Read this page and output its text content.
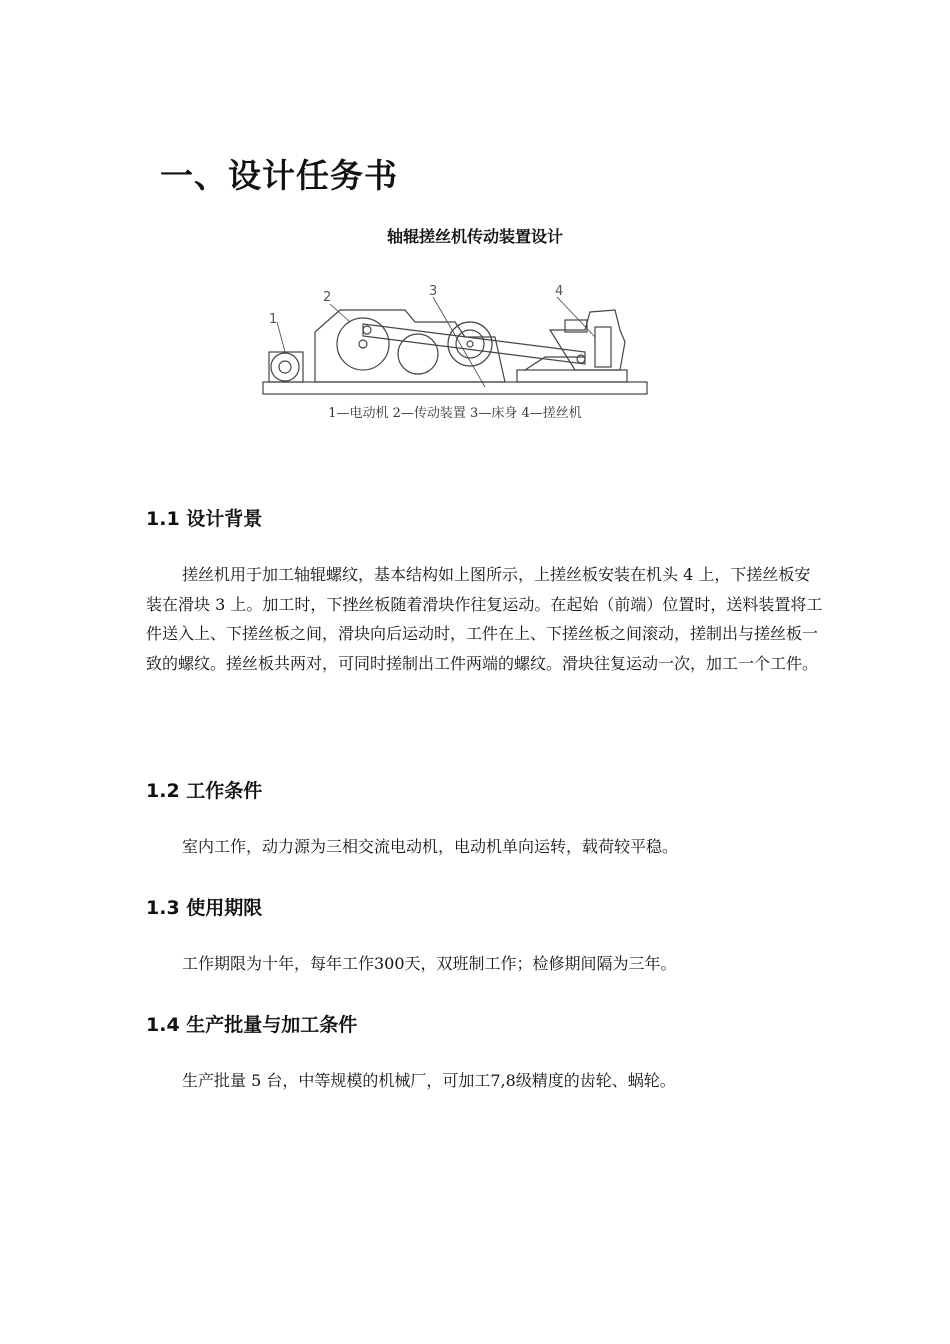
一、设计任务书
轴辊搓丝机传动装置设计
1
2	3	4
1—电动机 2—传动装置 3—床身 4—搓丝机
1.1 设计背景

搓丝机用于加工轴辊螺纹，基本结构如上图所示，上搓丝板安装在机头 4 上，下搓丝板安装在滑块 3 上。加工时，下挫丝板随着滑块作往复运动。在起始（前端）位置时，送料装置将工件送入上、下搓丝板之间，滑块向后运动时，工件在上、下搓丝板之间滚动，搓制出与搓丝板一致的螺纹。搓丝板共两对，可同时搓制出工件两端的螺纹。滑块往复运动一次，加工一个工件。

1.2 工作条件

室内工作，动力源为三相交流电动机，电动机单向运转，载荷较平稳。

1.3 使用期限

工作期限为十年，每年工作300天，双班制工作；检修期间隔为三年。

1.4 生产批量与加工条件

生产批量 5 台，中等规模的机械厂，可加工7,8级精度的齿轮、蜗轮。
